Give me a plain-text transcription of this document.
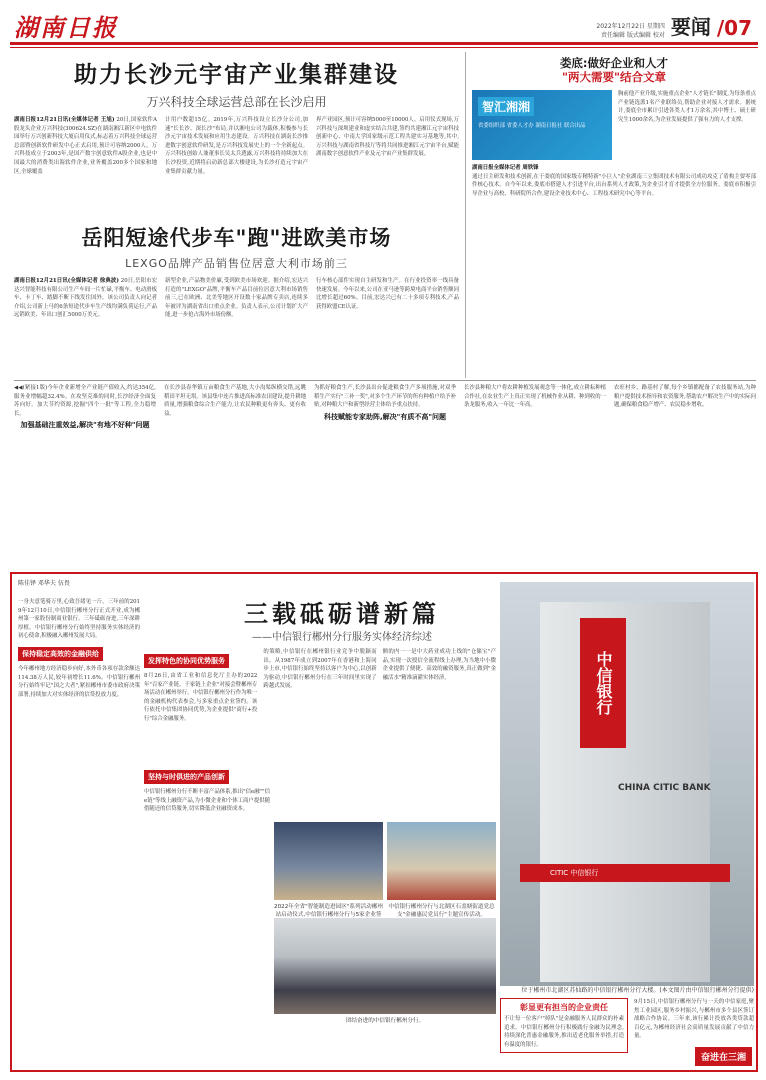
湖南日报	2022年12月22日 星期四
责任编辑 版式编辑 校对 要闻 /07
助力长沙元宇宙产业集群建设
万兴科技全球运营总部在长沙启用
湖南日报12月21日讯(全媒体记者 王旭) 20日,国家软件A股龙头企业万兴科技(300624.SZ)在湖南湘江新区中电软件园举行万兴创新科技大厦启用仪式,标志着万兴科技全球运营总部暨创新软件研发中心正式启用,预计可容纳2000人。万兴科技成立于2003年,是国产数字创意软件A股企业,也是中国最大的消费类出海软件企业,业务覆盖200多个国家和地区,全球覆盖
计用户数超15亿。2019年,万兴科技设立长沙分公司,加速"长长沙、深长沙"布局,并以湘电公司为载体,积极参与长沙元宇宙技术发展和应用生态建设。万兴科技在湖南长沙推进数字创意软件研发,是万兴科技发展史上的一个全新起点。万兴科技创始人兼董事长吴太兵透露,万兴科技将持续加大在长沙投资,近期将启动新总部大楼建设,为长沙打造元宇宙产业集群贡献力量。
界产业园区,预计可容纳5000至10000人。启用仪式现场,万兴科技与深圳建业和虚实结合共建,签约共建湘江元宇宙科技创新中心、中南大学国家级示范工程共建实习基地等,其中,万兴科技与湖南省科技厅等将共同推进湘江元宇宙平台,赋能湖南数字创意软件产业及元宇宙产业集群发展。
岳阳短途代步车"跑"进欧美市场
LEXGO品牌产品销售位居意大利市场前三
湖南日报12月21日讯(全媒体记者 徐典波) 20日,岳阳市宏达兴智能科技有限公司生产车间一片忙碌,平衡车、电动滑板车、卡丁车、踏脚不断下线发往国外。该公司负责人向记者介绍,公司新上马的6条短途代步车生产线均满负荷运行,产品远销欧美、年出口创汇5000万美元。
新型企业,产品物美价廉,受到欧美市场欢迎。据介绍,宏达兴打造的"LEXGO"品牌,平衡车产品目前位居意大利市场销售前三,已在欧洲、北美等地区开设数十家品牌专卖店,连续多年被评为湖南省出口重点企业。负责人表示,公司计划扩大产能,进一步抢占海外市场份额。
行车核心部件实现自主研发和生产。在行业投资率一线具备快速发展。今年以来,公司在亚马逊等跨境电商平台销售额同比增长超过60%。目前,宏达兴已有二十多项专利技术,产品获得欧盟CE认证。
娄底:做好企业和人才
"两大需要"结合文章
智汇湘湘
省委组织部 省委人才办 湖南日报社 联合出品
胸前他产业升级,实施重点企业"人才链长"制度,为每条重点产业链选派1名产业联络员,帮助企业对接人才需求。据统计,娄底全市累计引进各类人才1万余名,其中博士、硕士研究生1000余名,为企业发展提供了强有力的人才支撑。
湖南日报全媒体记者 周铁锋
通过日主研发和技术创新,在于娄底的国家级专精特新"小巨人"企业湖南三立集团技术有限公司成功攻克了盾构主要零部件核心技术。自今年以来,娄底市搭建人才引进平台,出台系列人才政策,为企业引才育才提供全方位服务。娄底市积极引导企业与高校、科研院所合作,建设企业技术中心、工程技术研究中心等平台。
◀◀(紧接1版)今年企业新增全产业链产值收入,约达354亿,服务业增幅超32.4%。在攻坚克难的同时,长沙经济全面复苏向好。加大节约资源,挖掘"四个一批"等工程,全力稳增长。
加强基础注重效益,解决"有地不好种"问题
在长沙县春华镇万亩粮食生产基地,大小沟渠纵横交错,远眺稻田平坦无垠。该县集中连片推进高标准农田建设,提升耕地质量,增强粮食综合生产能力,让农民种粮更有奔头、更有收益。
为抓好粮食生产,长沙县出台促进粮食生产多项措施,对双季稻生产实行"三补一奖",对多个生产环节的所有种植户给予补贴,对种粮大户和新型经营主体给予重点扶持。
科技赋能专家助阵,解决"有质不高"问题
长沙县种粮大户将农耕种植发展观念等一体化,成立耕耘种植合作社,在农业生产上真正实现了机械作业从耕、种到收的一条龙服务,收入一年比一年高。
农旺村乡、路基村了解,每个乡镇都配备了农技服务站,为种粮户提供技术指导和农资服务,帮助农户解决生产中的实际问题,确保粮食稳产增产、农民稳步增收。
陈佳铎 邓华夫 伍畏
三载砥砺谱新篇
——中信银行郴州分行服务实体经济综述
一身夫意笔骑万里,心致吾绪见一斤。三年前的2019年12月10日,中信银行郴州分行正式开业,成为郴州第一家股份制商业银行。三年砥砺奋进,三年深耕厚植。中信银行郴州分行始终坚持服务实体经济的初心使命,积极融入郴州发展大局。
保持稳定高效的金融供给
今年郴州地方经济稳步向好,本外币各项存款余额达114.38万人民,较年初增长11.6%。中信银行郴州分行始终牢记"国之大者",紧扣郴州市委市政府决策部署,持续加大对实体经济的信贷投放力度。
发挥特色的协同优势服务
8月26日,由省工业和信息化厅主办的2022年"百家产业链、千家链上企业"对接会暨郴州专场活动在郴州举行。中信银行郴州分行作为唯一的金融机构代表参会,与多家重点企业签约。该行依托中信集团协同优势,为企业提供"商行+投行"综合金融服务。
的策略,中信银行在郴州银行业竞争中脱颖而出。从1987年成立到2007年在香港和上海同步上市,中信银行始终坚持以客户为中心,以创新为驱动,中信银行郴州分行在三年时间里实现了跨越式发展。
额的内一一是中大药业成功上线的"仓储宝"产品,实现一次授信全流程线上办理,为当地中小微企业提供了便捷、高效的融资服务,真正做到"金融活水"精准滴灌实体经济。
坚持与时俱进的产品创新
中信银行郴州分行不断丰富产品体系,推出"信e融""信e链"等线上融资产品,为小微企业和个体工商户提供随借随还的信贷服务,切实降低企业融资成本。
2022年全省"智能制造进园区"系列活动郴州站启动仪式,中信银行郴州分行与5家企业签
中信银行郴州分行与北湖区石盖塘街道党总支"金融惠民党员行"主题宣传活动。
团结奋进的中信银行郴州分行。
中信银行
CHINA CITIC BANK
CITIC 中信银行
位于郴州市北湖区苏仙路的中信银行郴州分行大楼。(本文图片由中信银行郴州分行提供)
彰显更有担当的企业责任
不让每一位客户"掉队"是金融服务人民群众的朴素追求。中信银行郴州分行积极践行金融为民理念,持续深化普惠金融服务,推出适老化服务举措,打造有温度的银行。
9月15日,中信银行郴州分行与一天的中信家庭,聚焦工业园区,服务乡村振兴,与郴州市多个县区签订战略合作协议。三年来,该行累计投放各类贷款超百亿元,为郴州经济社会高质量发展贡献了中信力量。
奋进在三湘
